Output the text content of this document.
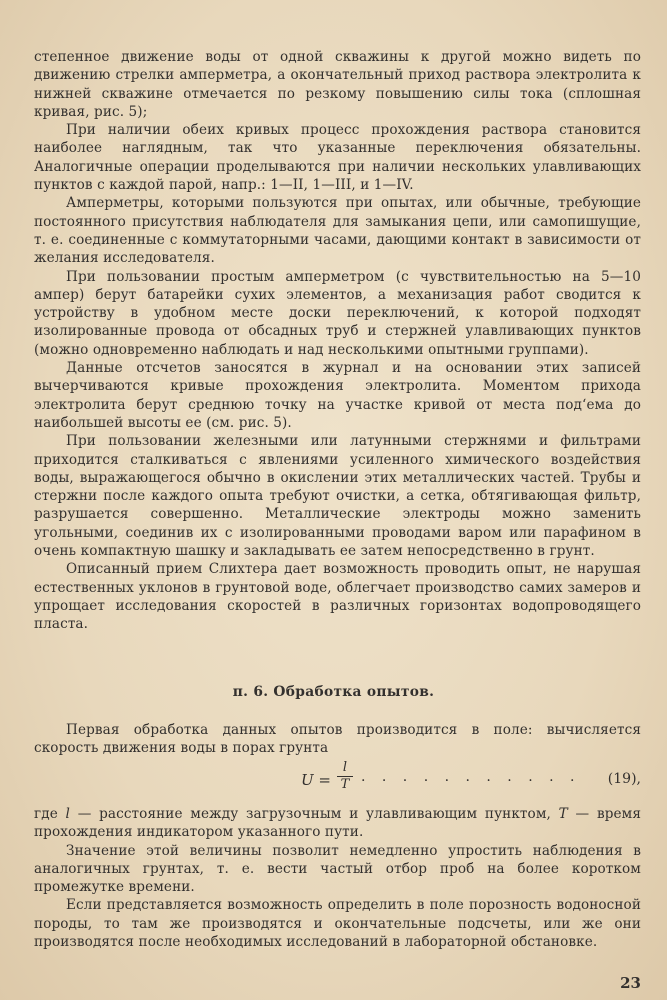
степенное движение воды от одной скважины к другой можно видеть по движению стрелки амперметра, а окончательный приход раствора электролита к нижней скважине отмечается по резкому повышению силы тока (сплошная кривая, рис. 5);

При наличии обеих кривых процесс прохождения раствора становится наиболее наглядным, так что указанные переключения обязательны. Аналогичные операции проделываются при наличии нескольких улавливающих пунктов с каждой парой, напр.: 1—II, 1—III, и 1—IV.

Амперметры, которыми пользуются при опытах, или обычные, требующие постоянного присутствия наблюдателя для замыкания цепи, или самопишущие, т. е. соединенные с коммутаторными часами, дающими контакт в зависимости от желания исследователя.

При пользовании простым амперметром (с чувствительностью на 5—10 ампер) берут батарейки сухих элементов, а механизация работ сводится к устройству в удобном месте доски переключений, к которой подходят изолированные провода от обсадных труб и стержней улавливающих пунктов (можно одновременно наблюдать и над несколькими опытными группами).

Данные отсчетов заносятся в журнал и на основании этих записей вычерчиваются кривые прохождения электролита. Моментом прихода электролита берут среднюю точку на участке кривой от места подʻема до наибольшей высоты ее (см. рис. 5).

При пользовании железными или латунными стержнями и фильтрами приходится сталкиваться с явлениями усиленного химического воздействия воды, выражающегося обычно в окислении этих металлических частей. Трубы и стержни после каждого опыта требуют очистки, а сетка, обтягивающая фильтр, разрушается совершенно. Металлические электроды можно заменить угольными, соединив их с изолированными проводами варом или парафином в очень компактную шашку и закладывать ее затем непосредственно в грунт.

Описанный прием Слихтера дает возможность проводить опыт, не нарушая естественных уклонов в грунтовой воде, облегчает производство самих замеров и упрощает исследования скоростей в различных горизонтах водопроводящего пласта.

п. 6. Обработка опытов.

Первая обработка данных опытов производится в поле: вычисляется скорость движения воды в порах грунта

U =
l
T . . . . . . . . . . . (19),

где l — расстояние между загрузочным и улавливающим пунктом, T — время прохождения индикатором указанного пути.

Значение этой величины позволит немедленно упростить наблюдения в аналогичных грунтах, т. е. вести частый отбор проб на более коротком промежутке времени.

Если представляется возможность определить в поле порозность водоносной породы, то там же производятся и окончательные подсчеты, или же они производятся после необходимых исследований в лабораторной обстановке.

23
